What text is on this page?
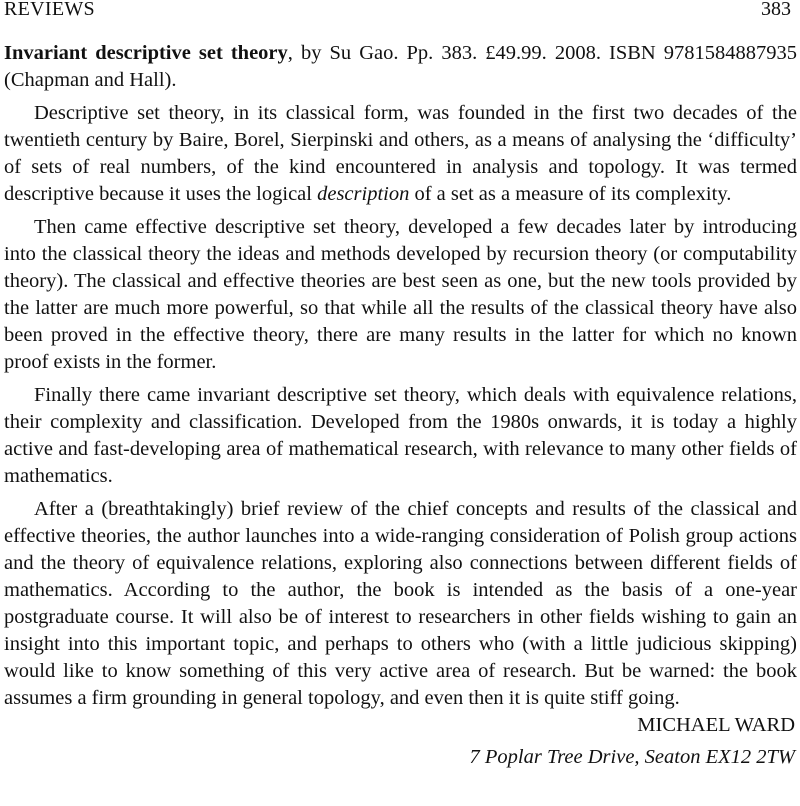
REVIEWS	383
Invariant descriptive set theory, by Su Gao. Pp. 383. £49.99. 2008. ISBN 9781584887935 (Chapman and Hall).

Descriptive set theory, in its classical form, was founded in the first two decades of the twentieth century by Baire, Borel, Sierpinski and others, as a means of analysing the ‘difficulty’ of sets of real numbers, of the kind encountered in analysis and topology. It was termed descriptive because it uses the logical description of a set as a measure of its complexity.

Then came effective descriptive set theory, developed a few decades later by introducing into the classical theory the ideas and methods developed by recursion theory (or computability theory). The classical and effective theories are best seen as one, but the new tools provided by the latter are much more powerful, so that while all the results of the classical theory have also been proved in the effective theory, there are many results in the latter for which no known proof exists in the former.

Finally there came invariant descriptive set theory, which deals with equivalence relations, their complexity and classification. Developed from the 1980s onwards, it is today a highly active and fast-developing area of mathematical research, with relevance to many other fields of mathematics.

After a (breathtakingly) brief review of the chief concepts and results of the classical and effective theories, the author launches into a wide-ranging consideration of Polish group actions and the theory of equivalence relations, exploring also connections between different fields of mathematics. According to the author, the book is intended as the basis of a one-year postgraduate course. It will also be of interest to researchers in other fields wishing to gain an insight into this important topic, and perhaps to others who (with a little judicious skipping) would like to know something of this very active area of research. But be warned: the book assumes a firm grounding in general topology, and even then it is quite stiff going.

MICHAEL WARD
7 Poplar Tree Drive, Seaton EX12 2TW
